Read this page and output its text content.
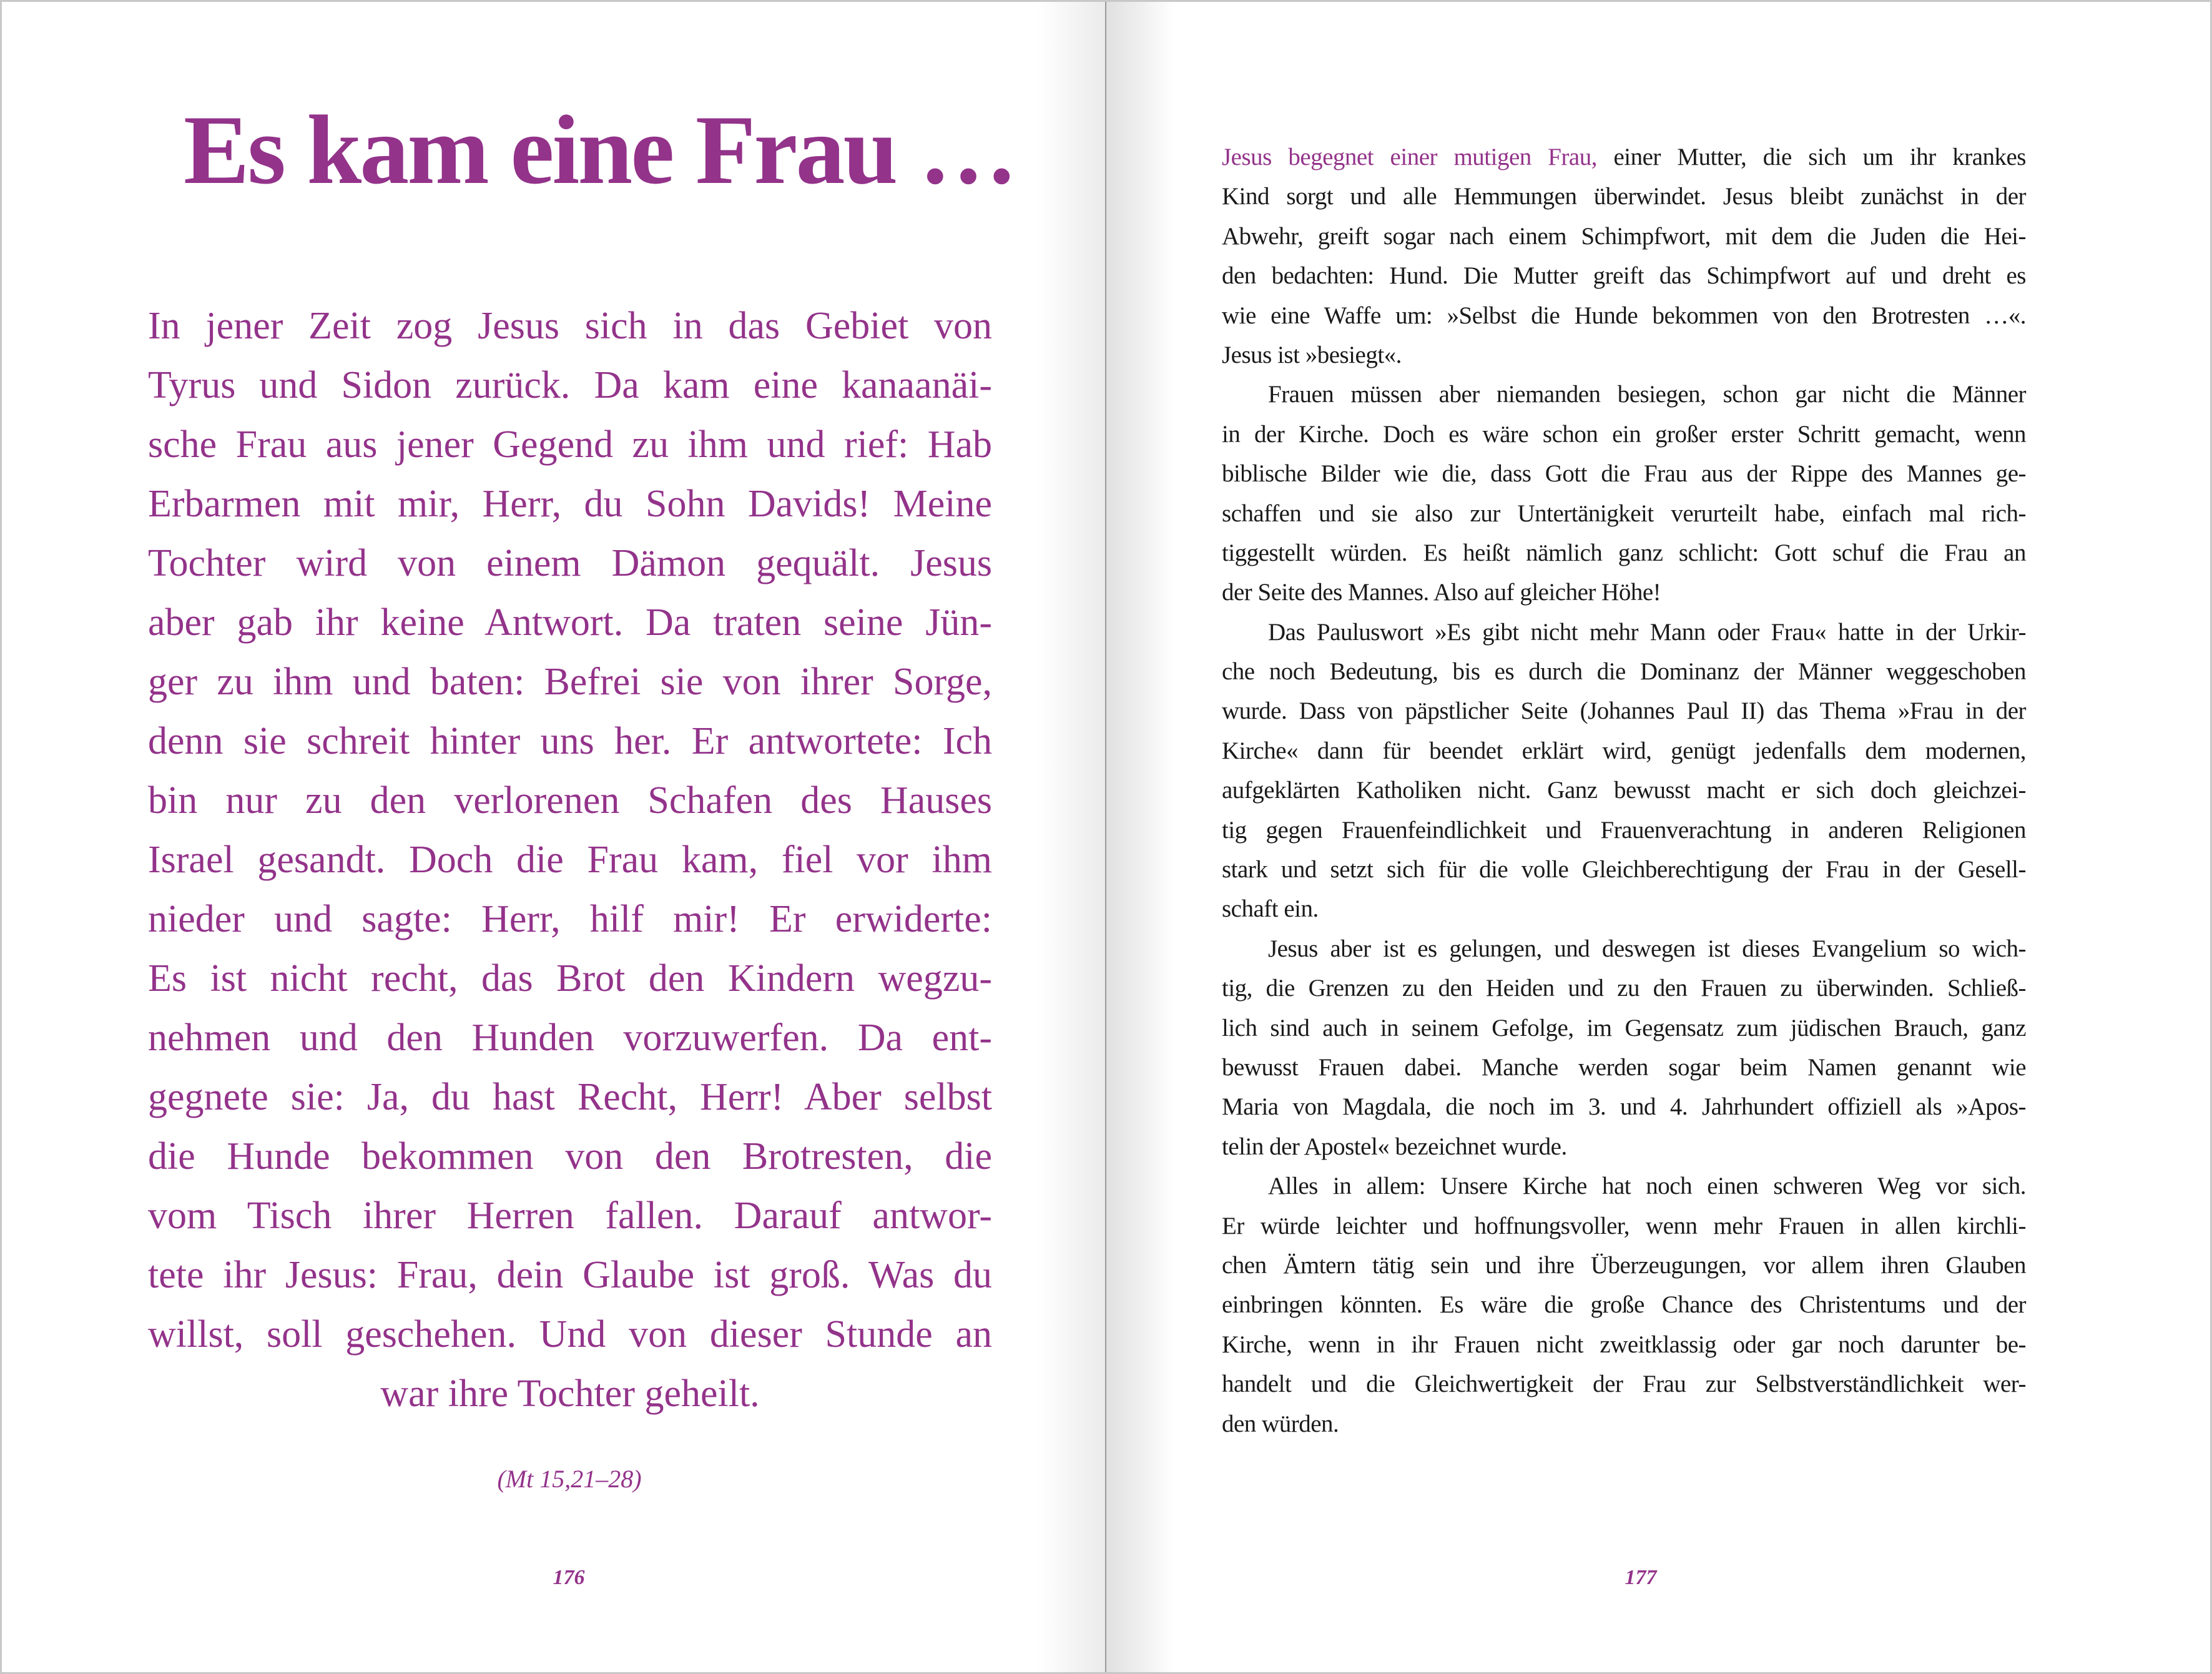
Es kam eine Frau …
In jener Zeit zog Jesus sich in das Gebiet von
Tyrus und Sidon zurück. Da kam eine kanaanäi-
sche Frau aus jener Gegend zu ihm und rief: Hab
Erbarmen mit mir, Herr, du Sohn Davids! Meine
Tochter wird von einem Dämon gequält. Jesus
aber gab ihr keine Antwort. Da traten seine Jün-
ger zu ihm und baten: Befrei sie von ihrer Sorge,
denn sie schreit hinter uns her. Er antwortete: Ich
bin nur zu den verlorenen Schafen des Hauses
Israel gesandt. Doch die Frau kam, fiel vor ihm
nieder und sagte: Herr, hilf mir! Er erwiderte:
Es ist nicht recht, das Brot den Kindern wegzu-
nehmen und den Hunden vorzuwerfen. Da ent-
gegnete sie: Ja, du hast Recht, Herr! Aber selbst
die Hunde bekommen von den Brotresten, die
vom Tisch ihrer Herren fallen. Darauf antwor-
tete ihr Jesus: Frau, dein Glaube ist groß. Was du
willst, soll geschehen. Und von dieser Stunde an
war ihre Tochter geheilt.
(Mt 15,21–28)
176	177
Jesus begegnet einer mutigen Frau, einer Mutter, die sich um ihr krankes
Kind sorgt und alle Hemmungen überwindet. Jesus bleibt zunächst in der
Abwehr, greift sogar nach einem Schimpfwort, mit dem die Juden die Hei-
den bedachten: Hund. Die Mutter greift das Schimpfwort auf und dreht es
wie eine Waffe um: »Selbst die Hunde bekommen von den Brotresten …«.
Jesus ist »besiegt«.
Frauen müssen aber niemanden besiegen, schon gar nicht die Männer
in der Kirche. Doch es wäre schon ein großer erster Schritt gemacht, wenn
biblische Bilder wie die, dass Gott die Frau aus der Rippe des Mannes ge-
schaffen und sie also zur Untertänigkeit verurteilt habe, einfach mal rich-
tiggestellt würden. Es heißt nämlich ganz schlicht: Gott schuf die Frau an
der Seite des Mannes. Also auf gleicher Höhe!
Das Pauluswort »Es gibt nicht mehr Mann oder Frau« hatte in der Urkir-
che noch Bedeutung, bis es durch die Dominanz der Männer weggeschoben
wurde. Dass von päpstlicher Seite (Johannes Paul II) das Thema »Frau in der
Kirche« dann für beendet erklärt wird, genügt jedenfalls dem modernen,
aufgeklärten Katholiken nicht. Ganz bewusst macht er sich doch gleichzei-
tig gegen Frauenfeindlichkeit und Frauenverachtung in anderen Religionen
stark und setzt sich für die volle Gleichberechtigung der Frau in der Gesell-
schaft ein.
Jesus aber ist es gelungen, und deswegen ist dieses Evangelium so wich-
tig, die Grenzen zu den Heiden und zu den Frauen zu überwinden. Schließ-
lich sind auch in seinem Gefolge, im Gegensatz zum jüdischen Brauch, ganz
bewusst Frauen dabei. Manche werden sogar beim Namen genannt wie
Maria von Magdala, die noch im 3. und 4. Jahrhundert offiziell als »Apos-
telin der Apostel« bezeichnet wurde.
Alles in allem: Unsere Kirche hat noch einen schweren Weg vor sich.
Er würde leichter und hoffnungsvoller, wenn mehr Frauen in allen kirchli-
chen Ämtern tätig sein und ihre Überzeugungen, vor allem ihren Glauben
einbringen könnten. Es wäre die große Chance des Christentums und der
Kirche, wenn in ihr Frauen nicht zweitklassig oder gar noch darunter be-
handelt und die Gleichwertigkeit der Frau zur Selbstverständlichkeit wer-
den würden.
